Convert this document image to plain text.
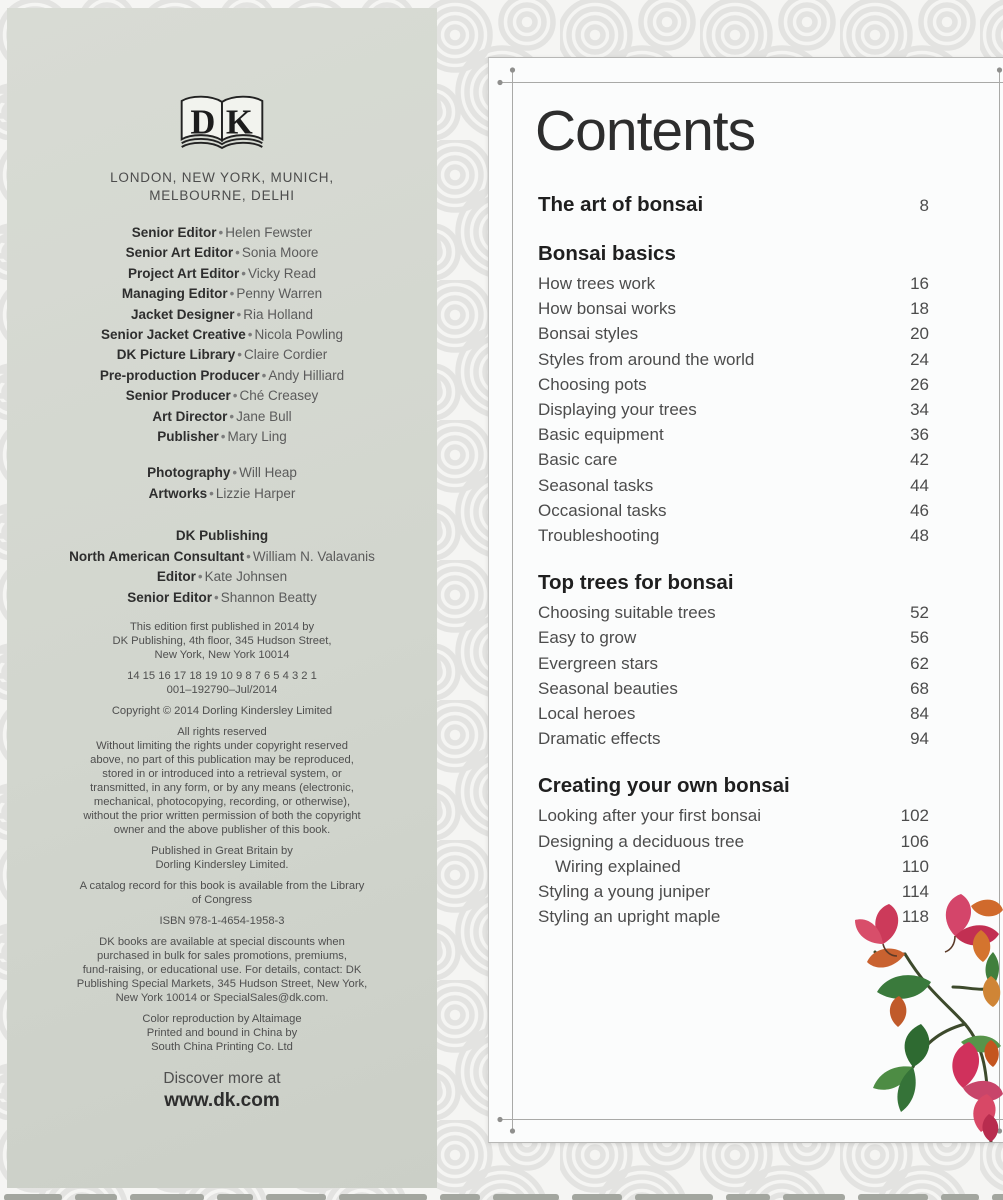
D K
LONDON, NEW YORK, MUNICH,
MELBOURNE, DELHI
Senior Editor • Helen Fewster
Senior Art Editor • Sonia Moore
Project Art Editor • Vicky Read
Managing Editor • Penny Warren
Jacket Designer • Ria Holland
Senior Jacket Creative • Nicola Powling
DK Picture Library • Claire Cordier
Pre-production Producer • Andy Hilliard
Senior Producer • Ché Creasey
Art Director • Jane Bull
Publisher • Mary Ling
Photography • Will Heap
Artworks • Lizzie Harper
DK Publishing
North American Consultant • William N. Valavanis
Editor • Kate Johnsen
Senior Editor • Shannon Beatty

This edition first published in 2014 by
DK Publishing, 4th floor, 345 Hudson Street,
New York, New York 10014

14 15 16 17 18 19 10 9 8 7 6 5 4 3 2 1
001–192790–Jul/2014

Copyright © 2014 Dorling Kindersley Limited

All rights reserved
Without limiting the rights under copyright reserved
above, no part of this publication may be reproduced,
stored in or introduced into a retrieval system, or
transmitted, in any form, or by any means (electronic,
mechanical, photocopying, recording, or otherwise),
without the prior written permission of both the copyright
owner and the above publisher of this book.

Published in Great Britain by
Dorling Kindersley Limited.

A catalog record for this book is available from the Library
of Congress

ISBN 978-1-4654-1958-3

DK books are available at special discounts when
purchased in bulk for sales promotions, premiums,
fund-raising, or educational use. For details, contact: DK
Publishing Special Markets, 345 Hudson Street, New York,
New York 10014 or SpecialSales@dk.com.

Color reproduction by Altaimage
Printed and bound in China by
South China Printing Co. Ltd

Discover more at
www.dk.com
Contents
The art of bonsai	8
Bonsai basics
How trees work	16
How bonsai works	18
Bonsai styles	20
Styles from around the world	24
Choosing pots	26
Displaying your trees	34
Basic equipment	36
Basic care	42
Seasonal tasks	44
Occasional tasks	46
Troubleshooting	48
Top trees for bonsai
Choosing suitable trees	52
Easy to grow	56
Evergreen stars	62
Seasonal beauties	68
Local heroes	84
Dramatic effects	94
Creating your own bonsai
Looking after your first bonsai	102
Designing a deciduous tree	106
Wiring explained	110
Styling a young juniper	114
Styling an upright maple	118
